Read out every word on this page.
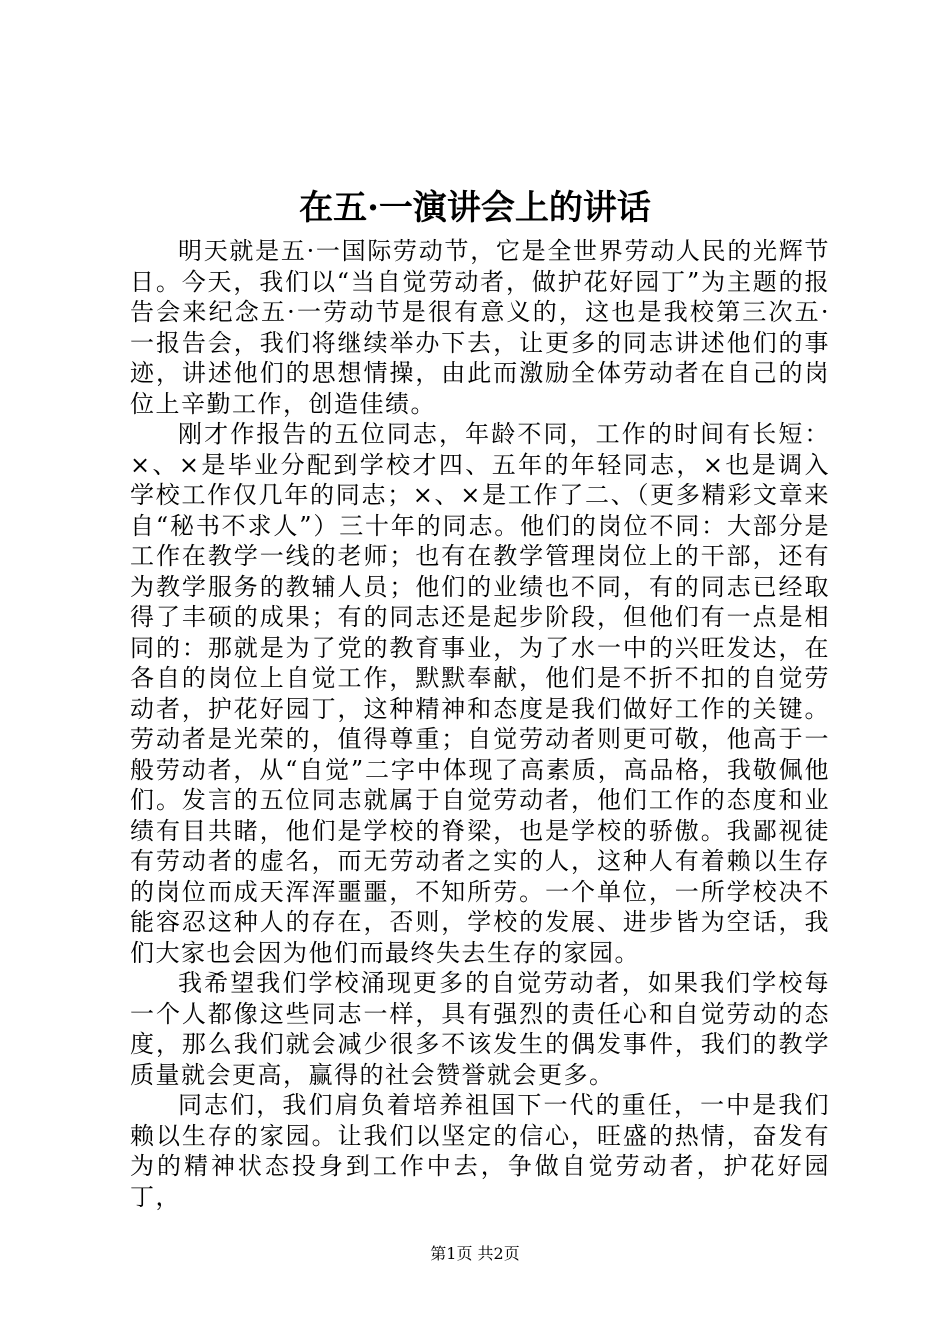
在五·一演讲会上的讲话

明天就是五·一国际劳动节，它是全世界劳动人民的光辉节日。今天，我们以“当自觉劳动者，做护花好园丁”为主题的报告会来纪念五·一劳动节是很有意义的，这也是我校第三次五·一报告会，我们将继续举办下去，让更多的同志讲述他们的事迹，讲述他们的思想情操，由此而激励全体劳动者在自己的岗位上辛勤工作，创造佳绩。

刚才作报告的五位同志，年龄不同，工作的时间有长短：×、×是毕业分配到学校才四、五年的年轻同志，×也是调入学校工作仅几年的同志；×、×是工作了二、（更多精彩文章来自“秘书不求人”）三十年的同志。他们的岗位不同：大部分是工作在教学一线的老师；也有在教学管理岗位上的干部，还有为教学服务的教辅人员；他们的业绩也不同，有的同志已经取得了丰硕的成果；有的同志还是起步阶段，但他们有一点是相同的：那就是为了党的教育事业，为了水一中的兴旺发达，在各自的岗位上自觉工作，默默奉献，他们是不折不扣的自觉劳动者，护花好园丁，这种精神和态度是我们做好工作的关键。劳动者是光荣的，值得尊重；自觉劳动者则更可敬，他高于一般劳动者，从“自觉”二字中体现了高素质，高品格，我敬佩他们。发言的五位同志就属于自觉劳动者，他们工作的态度和业绩有目共睹，他们是学校的脊梁，也是学校的骄傲。我鄙视徒有劳动者的虚名，而无劳动者之实的人，这种人有着赖以生存的岗位而成天浑浑噩噩，不知所劳。一个单位，一所学校决不能容忍这种人的存在，否则，学校的发展、进步皆为空话，我们大家也会因为他们而最终失去生存的家园。

我希望我们学校涌现更多的自觉劳动者，如果我们学校每一个人都像这些同志一样，具有强烈的责任心和自觉劳动的态度，那么我们就会减少很多不该发生的偶发事件，我们的教学质量就会更高，赢得的社会赞誉就会更多。

同志们，我们肩负着培养祖国下一代的重任，一中是我们赖以生存的家园。让我们以坚定的信心，旺盛的热情，奋发有为的精神状态投身到工作中去，争做自觉劳动者，护花好园丁，

第1页 共2页
